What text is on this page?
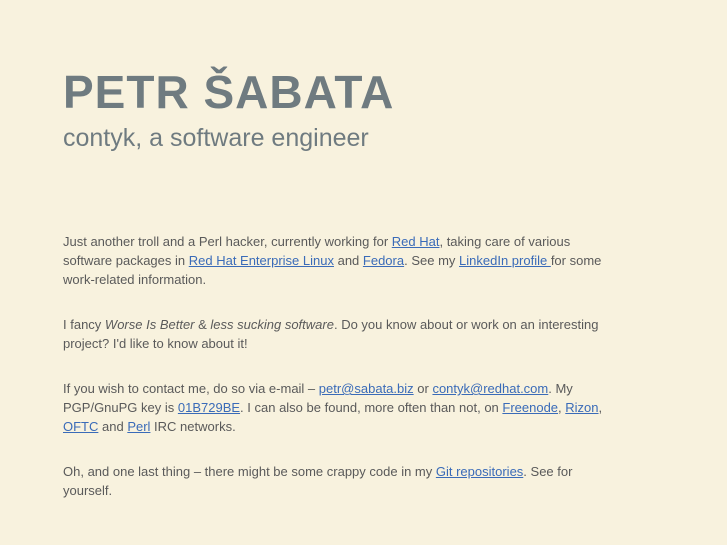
PETR ŠABATA
contyk, a software engineer

Just another troll and a Perl hacker, currently working for Red Hat, taking care of various software packages in Red Hat Enterprise Linux and Fedora. See my LinkedIn profile for some work-related information.

I fancy Worse Is Better & less sucking software. Do you know about or work on an interesting project? I'd like to know about it!

If you wish to contact me, do so via e-mail – petr@sabata.biz or contyk@redhat.com. My PGP/GnuPG key is 01B729BE. I can also be found, more often than not, on Freenode, Rizon, OFTC and Perl IRC networks.

Oh, and one last thing – there might be some crappy code in my Git repositories. See for yourself.
